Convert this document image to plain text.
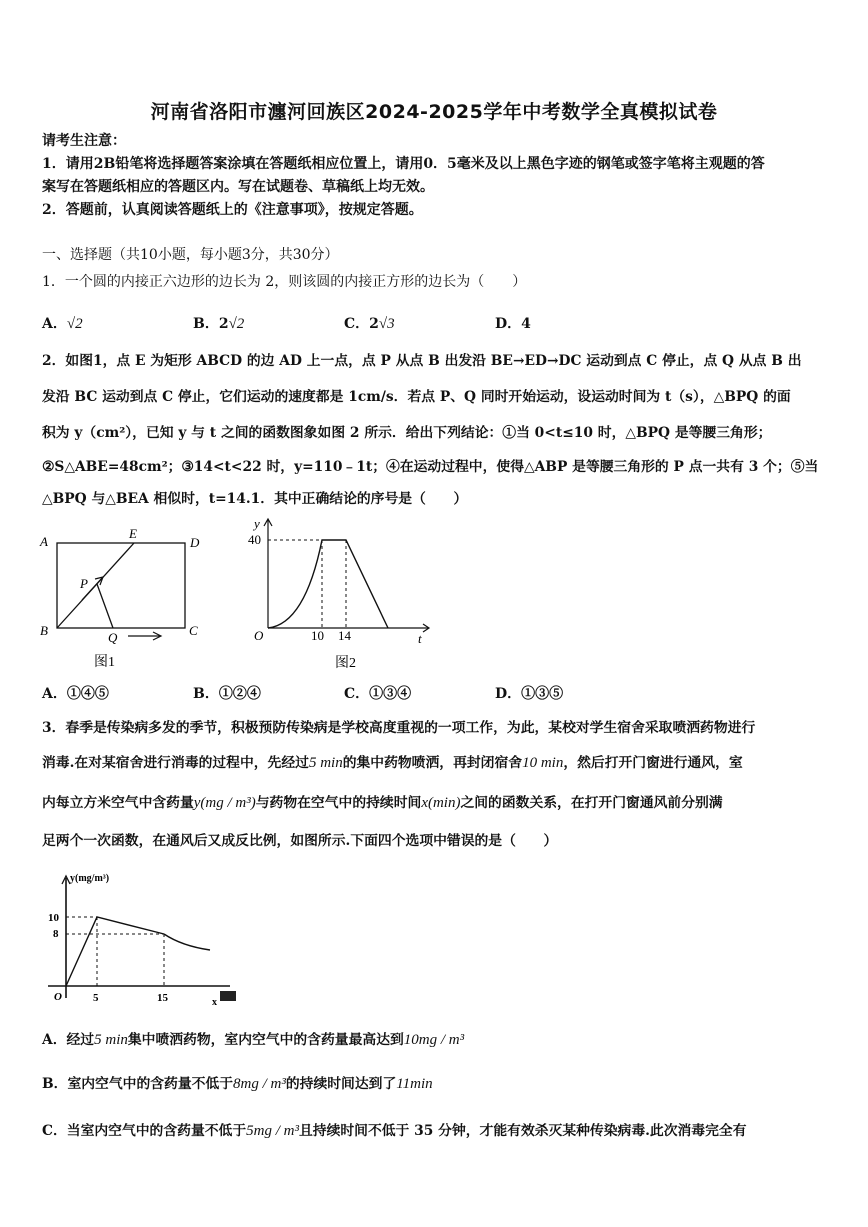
河南省洛阳市瀍河回族区2024-2025学年中考数学全真模拟试卷
请考生注意：
1．请用2B铅笔将选择题答案涂填在答题纸相应位置上，请用0．5毫米及以上黑色字迹的钢笔或签字笔将主观题的答
案写在答题纸相应的答题区内。写在试题卷、草稿纸上均无效。
2．答题前，认真阅读答题纸上的《注意事项》，按规定答题。
一、选择题（共10小题，每小题3分，共30分）
1．一个圆的内接正六边形的边长为 2，则该圆的内接正方形的边长为（　　）
A．√2	B．2√2	C．2√3	D．4
2．如图1，点 E 为矩形 ABCD 的边 AD 上一点，点 P 从点 B 出发沿 BE→ED→DC 运动到点 C 停止，点 Q 从点 B 出
发沿 BC 运动到点 C 停止，它们运动的速度都是 1cm/s．若点 P、Q 同时开始运动，设运动时间为 t（s），△BPQ 的面
积为 y（cm²），已知 y 与 t 之间的函数图象如图 2 所示．给出下列结论：①当 0<t≤10 时，△BPQ 是等腰三角形；
②S△ABE=48cm²；③14<t<22 时，y=110﹣1t；④在运动过程中，使得△ABP 是等腰三角形的 P 点一共有 3 个；⑤当
△BPQ 与△BEA 相似时，t=14.1．其中正确结论的序号是（　　）
A
E
D
P
B	Q	C
图1
y
t
O
40
10 14
图2
A．①④⑤	B．①②④	C．①③④	D．①③⑤
3．春季是传染病多发的季节，积极预防传染病是学校高度重视的一项工作，为此，某校对学生宿舍采取喷洒药物进行
消毒.在对某宿舍进行消毒的过程中，先经过5 min的集中药物喷洒，再封闭宿舍10 min，然后打开门窗进行通风，室
内每立方米空气中含药量y(mg / m³)与药物在空气中的持续时间x(min)之间的函数关系，在打开门窗通风前分别满
足两个一次函数，在通风后又成反比例，如图所示.下面四个选项中错误的是（　　）
y(mg/m³)
10
8
O	5	15	x
A．经过5 min集中喷洒药物，室内空气中的含药量最高达到10mg / m³
B．室内空气中的含药量不低于8mg / m³的持续时间达到了11min
C．当室内空气中的含药量不低于5mg / m³且持续时间不低于 35 分钟，才能有效杀灭某种传染病毒.此次消毒完全有
